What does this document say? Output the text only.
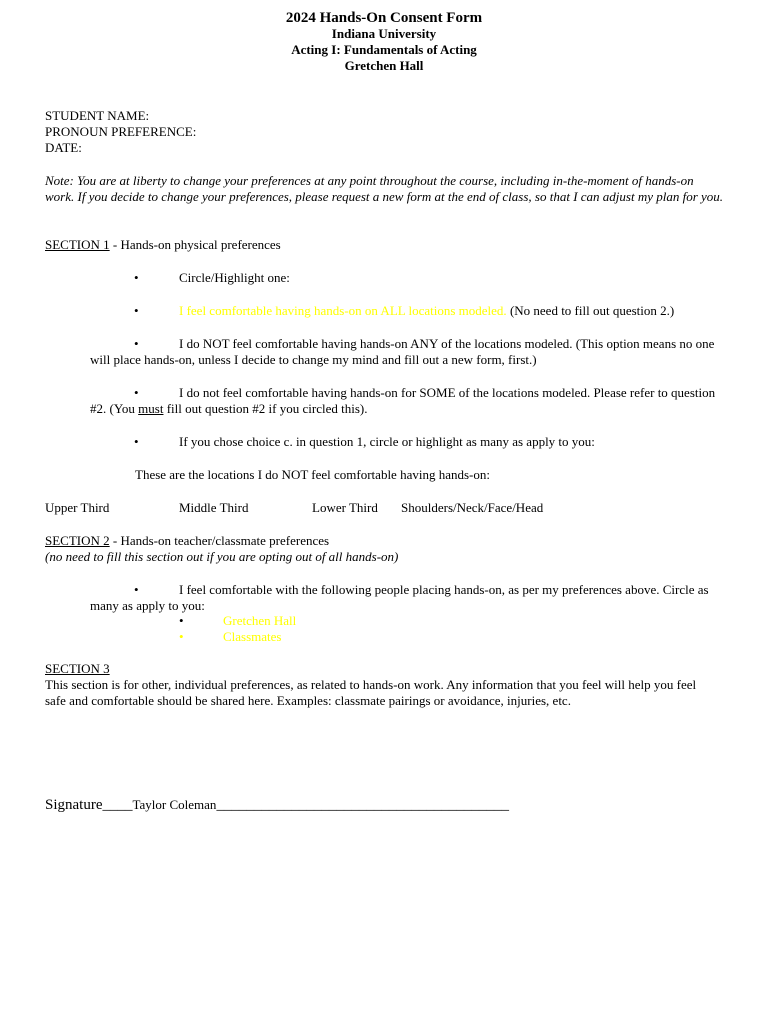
2024 Hands-On Consent Form
Indiana University
Acting I: Fundamentals of Acting
Gretchen Hall
STUDENT NAME:
PRONOUN PREFERENCE:
DATE:
Note: You are at liberty to change your preferences at any point throughout the course, including in-the-moment of hands-on work. If you decide to change your preferences, please request a new form at the end of class, so that I can adjust my plan for you.
SECTION 1 - Hands-on physical preferences
•	Circle/Highlight one:
•	I feel comfortable having hands-on on ALL locations modeled. (No need to fill out question 2.)
•	I do NOT feel comfortable having hands-on ANY of the locations modeled. (This option means no one
will place hands-on, unless I decide to change my mind and fill out a new form, first.)
•	I do not feel comfortable having hands-on for SOME of the locations modeled. Please refer to question
#2. (You must fill out question #2 if you circled this).
•	If you chose choice c. in question 1, circle or highlight as many as apply to you:
These are the locations I do NOT feel comfortable having hands-on:
Upper Third	Middle Third	Lower Third Shoulders/Neck/Face/Head
SECTION 2 - Hands-on teacher/classmate preferences
(no need to fill this section out if you are opting out of all hands-on)
•	I feel comfortable with the following people placing hands-on, as per my preferences above. Circle as
many as apply to you:
•	Gretchen Hall
•	Classmates
SECTION 3
This section is for other, individual preferences, as related to hands-on work. Any information that you feel will help you feel
safe and comfortable should be shared here. Examples: classmate pairings or avoidance, injuries, etc.
Signature____Taylor Coleman_______________________________________
